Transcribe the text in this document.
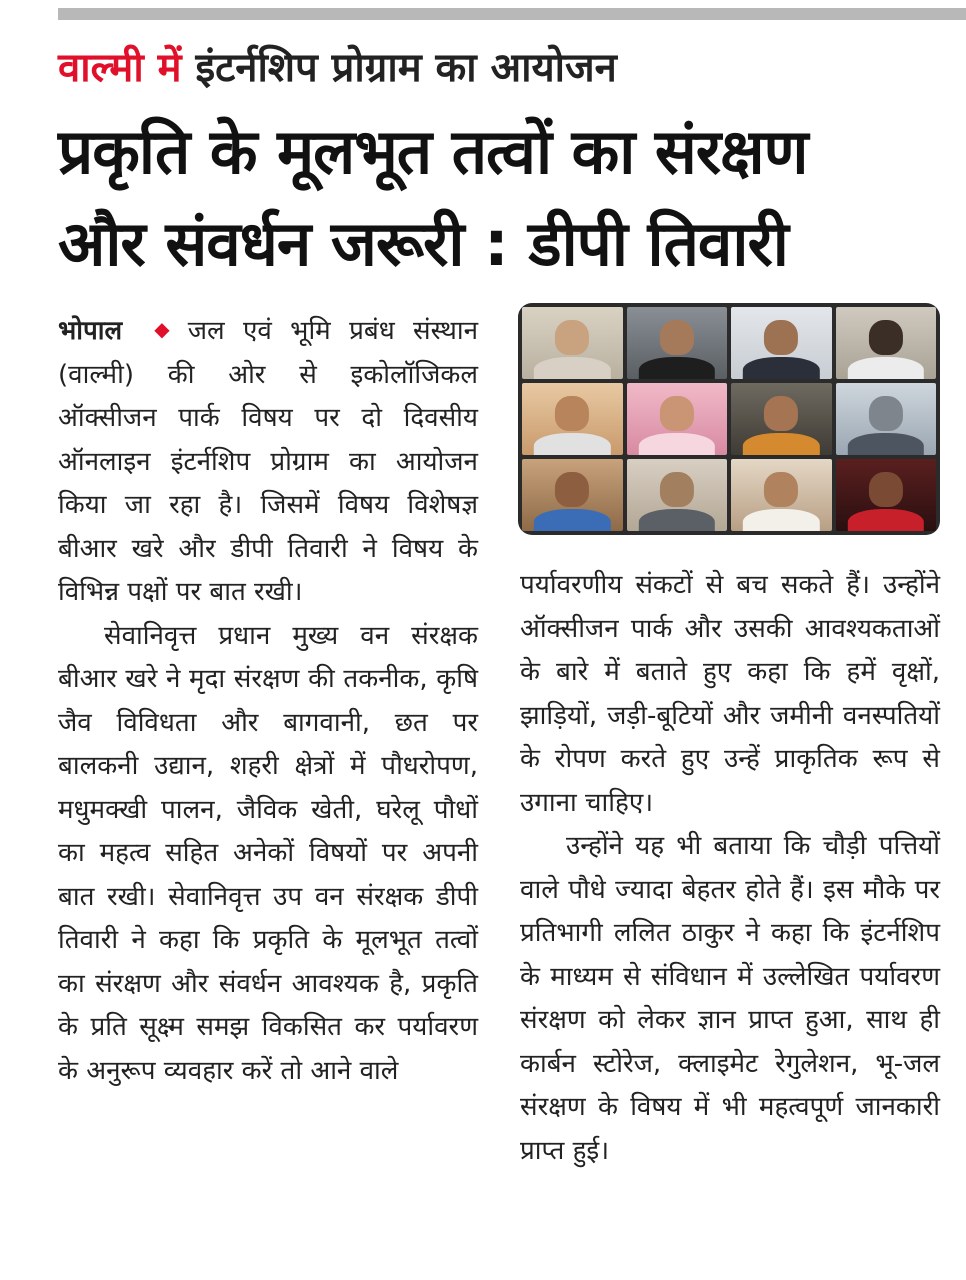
वाल्मी में इंटर्नशिप प्रोग्राम का आयोजन
प्रकृति के मूलभूत तत्वों का संरक्षण
और संवर्धन जरूरी : डीपी तिवारी

भोपाल ◆ जल एवं भूमि प्रबंध संस्थान (वाल्मी) की ओर से इकोलॉजिकल ऑक्सीजन पार्क विषय पर दो दिवसीय ऑनलाइन इंटर्नशिप प्रोग्राम का आयोजन किया जा रहा है। जिसमें विषय विशेषज्ञ बीआर खरे और डीपी तिवारी ने विषय के विभिन्न पक्षों पर बात रखी।

सेवानिवृत्त प्रधान मुख्य वन संरक्षक बीआर खरे ने मृदा संरक्षण की तकनीक, कृषि जैव विविधता और बागवानी, छत पर बालकनी उद्यान, शहरी क्षेत्रों में पौधरोपण, मधुमक्खी पालन, जैविक खेती, घरेलू पौधों का महत्व सहित अनेकों विषयों पर अपनी बात रखी। सेवानिवृत्त उप वन संरक्षक डीपी तिवारी ने कहा कि प्रकृति के मूलभूत तत्वों का संरक्षण और संवर्धन आवश्यक है, प्रकृति के प्रति सूक्ष्म समझ विकसित कर पर्यावरण के अनुरूप व्यवहार करें तो आने वाले

पर्यावरणीय संकटों से बच सकते हैं। उन्होंने ऑक्सीजन पार्क और उसकी आवश्यकताओं के बारे में बताते हुए कहा कि हमें वृक्षों, झाड़ियों, जड़ी-बूटियों और जमीनी वनस्पतियों के रोपण करते हुए उन्हें प्राकृतिक रूप से उगाना चाहिए।

उन्होंने यह भी बताया कि चौड़ी पत्तियों वाले पौधे ज्यादा बेहतर होते हैं। इस मौके पर प्रतिभागी ललित ठाकुर ने कहा कि इंटर्नशिप के माध्यम से संविधान में उल्लेखित पर्यावरण संरक्षण को लेकर ज्ञान प्राप्त हुआ, साथ ही कार्बन स्टोरेज, क्लाइमेट रेगुलेशन, भू-जल संरक्षण के विषय में भी महत्वपूर्ण जानकारी प्राप्त हुई।
